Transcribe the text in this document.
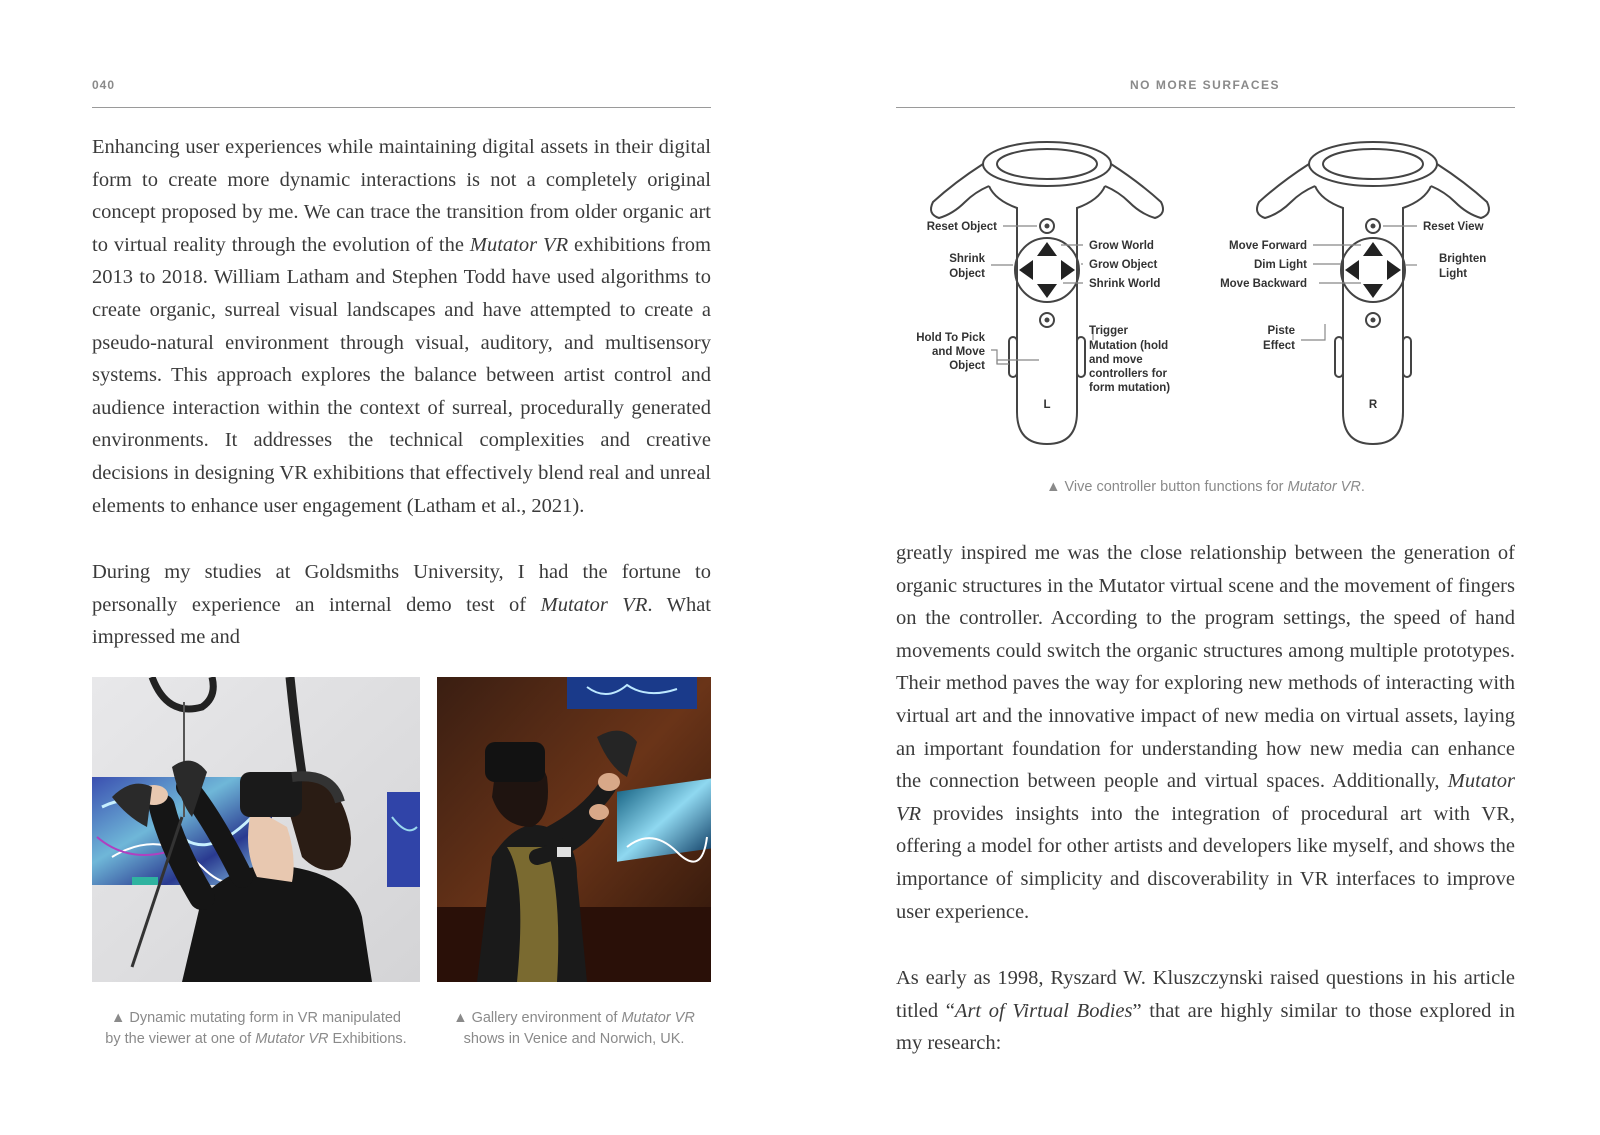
040	NO MORE SURFACES

Enhancing user experiences while maintaining digital assets in their digital form to create more dynamic interactions is not a completely original concept proposed by me. We can trace the transition from older organic art to virtual reality through the evolution of the Mutator VR exhibitions from 2013 to 2018. William Latham and Stephen Todd have used algorithms to create organic, surreal visual landscapes and have attempted to create a pseudo-natural environment through visual, auditory, and multisensory systems. This approach explores the balance between artist control and audience interaction within the context of surreal, procedurally generated environments. It addresses the technical complexities and creative decisions in designing VR exhibitions that effectively blend real and unreal elements to enhance user engagement (Latham et al., 2021).

During my studies at Goldsmiths University, I had the fortune to personally experience an internal demo test of Mutator VR. What impressed me and

▲ Dynamic mutating form in VR manipulated
by the viewer at one of Mutator VR Exhibitions.

▲ Gallery environment of Mutator VR
shows in Venice and Norwich, UK.

L
Reset Object
Shrink
Object
Grow World
Grow Object
Shrink World
Hold To Pick
and Move
Object
Trigger
Mutation (hold
and move
controllers for
form mutation)
R
Reset View
Move Forward
Dim Light
Move Backward
Brighten
Light
Piste
Effect

▲ Vive controller button functions for Mutator VR.

greatly inspired me was the close relationship between the generation of organic structures in the Mutator virtual scene and the movement of fingers on the controller. According to the program settings, the speed of hand movements could switch the organic structures among multiple prototypes. Their method paves the way for exploring new methods of interacting with virtual art and the innovative impact of new media on virtual assets, laying an important foundation for understanding how new media can enhance the connection between people and virtual spaces. Additionally, Mutator VR provides insights into the integration of procedural art with VR, offering a model for other artists and developers like myself, and shows the importance of simplicity and discoverability in VR interfaces to improve user experience.

As early as 1998, Ryszard W. Kluszczynski raised questions in his article titled “Art of Virtual Bodies” that are highly similar to those explored in my research:
